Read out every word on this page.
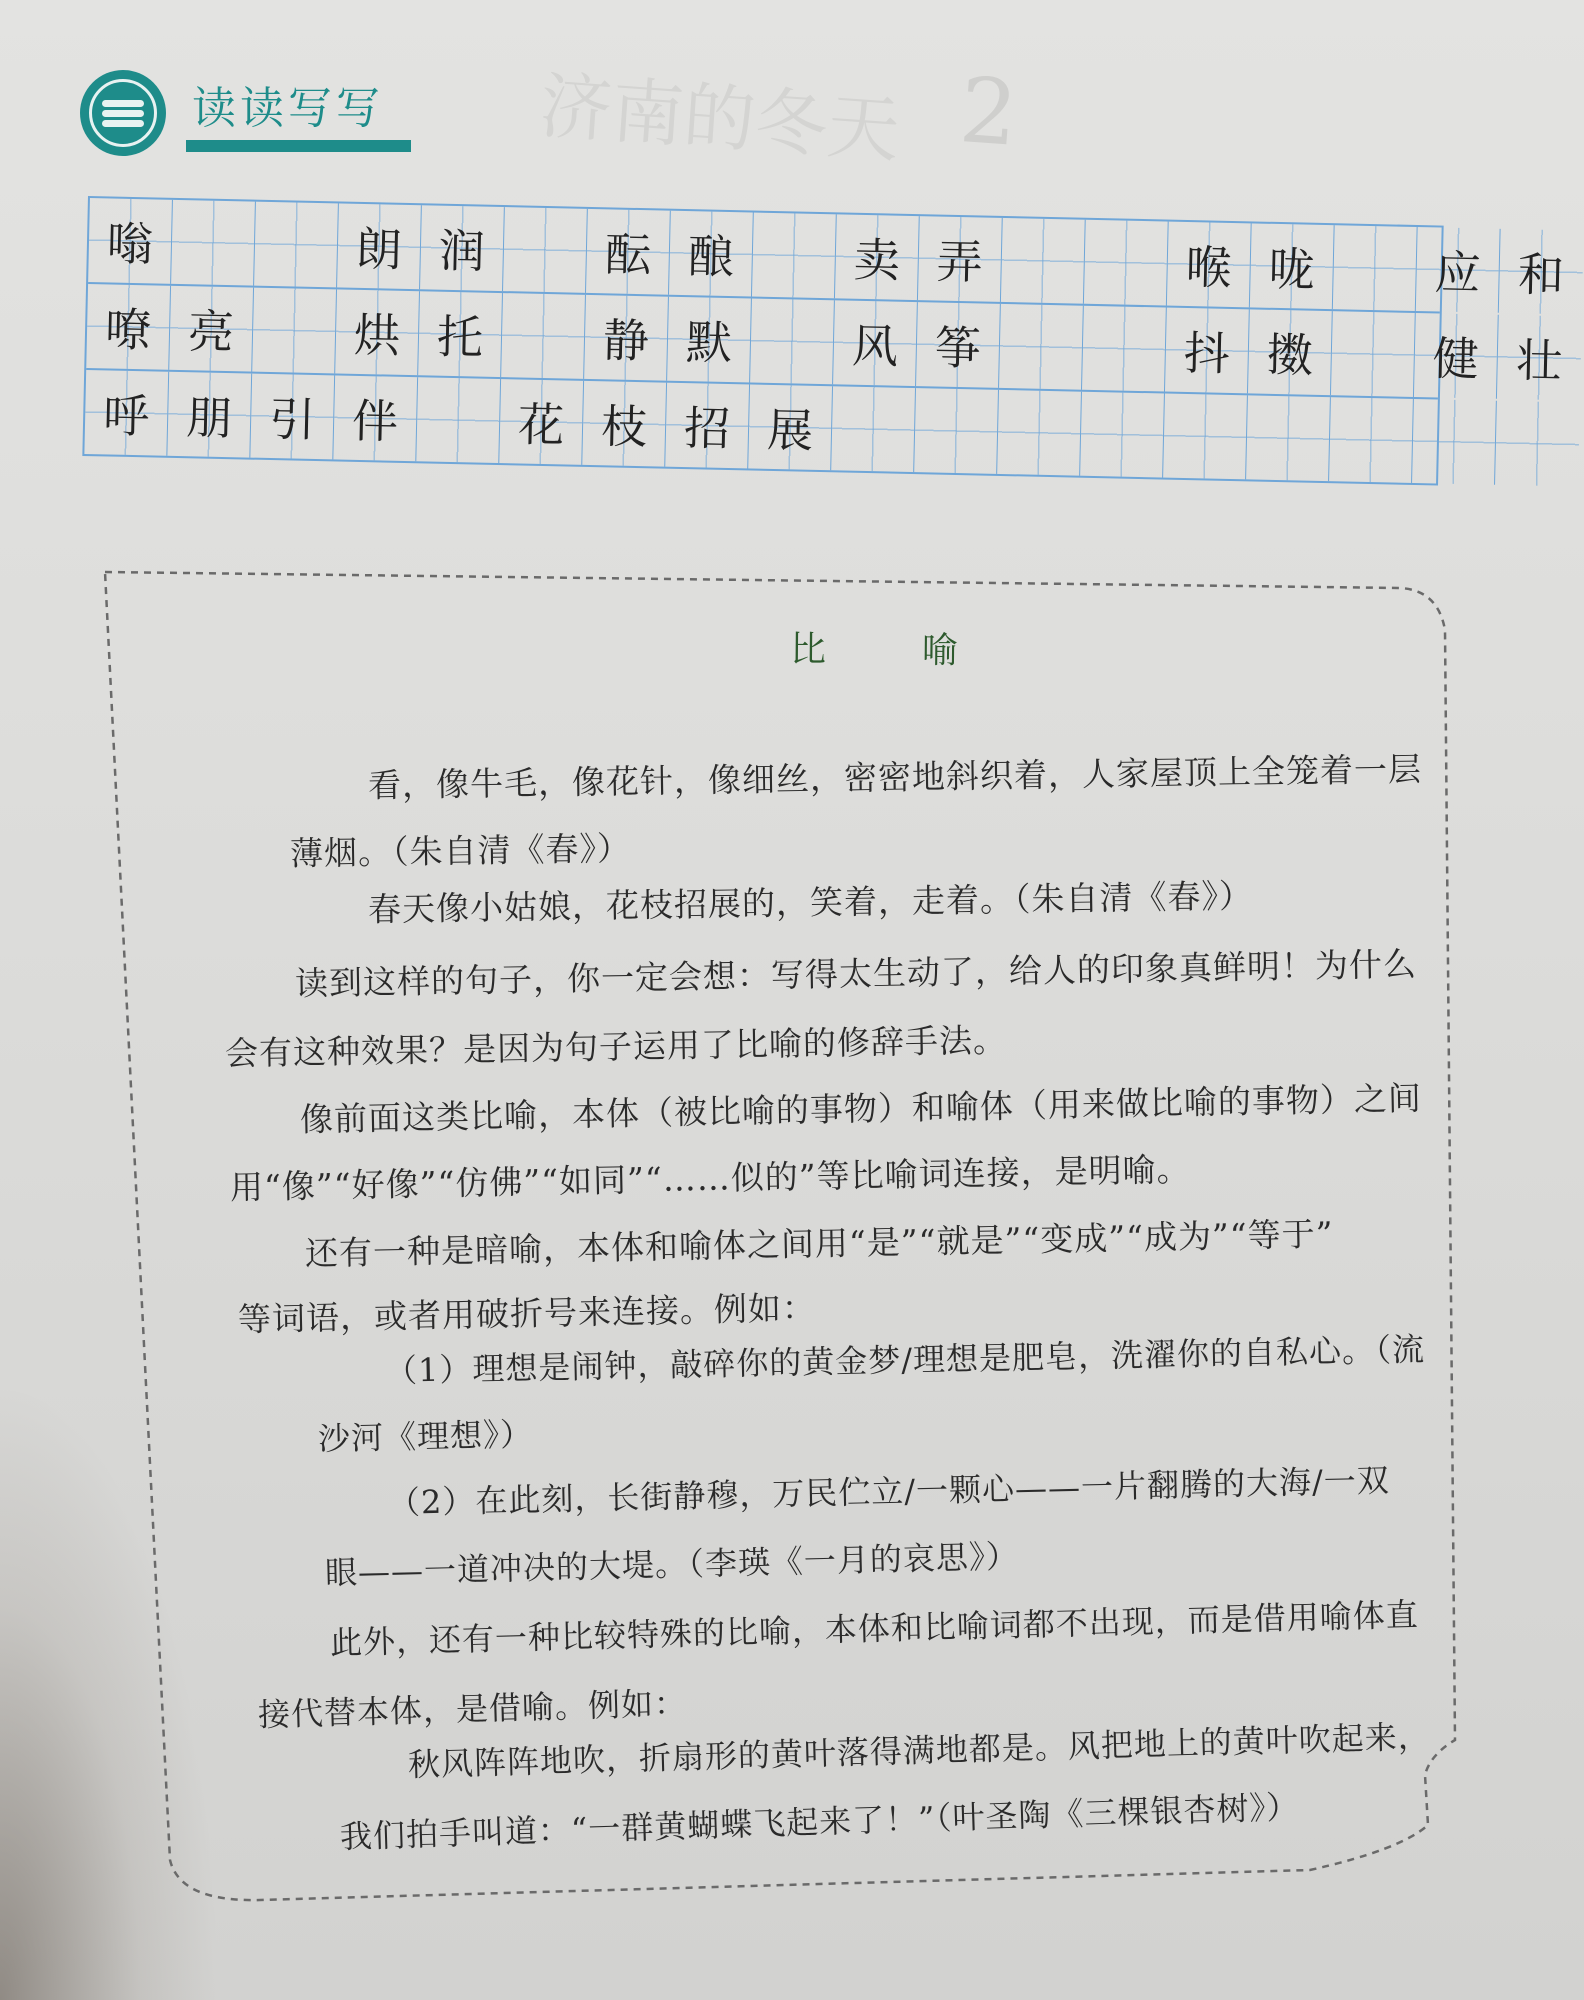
2
济南的冬天
读读写写
嗡	朗 润	酝 酿	卖 弄	喉 咙	应 和
嘹 亮	烘 托	静 默	风 筝	抖 擞	健 壮
呼 朋 引 伴	花 枝 招 展
比　喻
看，像牛毛，像花针，像细丝，密密地斜织着，人家屋顶上全笼着一层
薄烟。（朱自清《春》）
春天像小姑娘，花枝招展的，笑着，走着。（朱自清《春》）
读到这样的句子，你一定会想：写得太生动了，给人的印象真鲜明！为什么
会有这种效果？是因为句子运用了比喻的修辞手法。
像前面这类比喻，本体（被比喻的事物）和喻体（用来做比喻的事物）之间
用“像”“好像”“仿佛”“如同”“……似的”等比喻词连接，是明喻。
还有一种是暗喻，本体和喻体之间用“是”“就是”“变成”“成为”“等于”
等词语，或者用破折号来连接。例如：
（1）理想是闹钟，敲碎你的黄金梦/理想是肥皂，洗濯你的自私心。（流
沙河《理想》）
（2）在此刻，长街静穆，万民伫立/一颗心——一片翻腾的大海/一双
眼——一道冲决的大堤。（李瑛《一月的哀思》）
此外，还有一种比较特殊的比喻，本体和比喻词都不出现，而是借用喻体直
接代替本体，是借喻。例如：
秋风阵阵地吹，折扇形的黄叶落得满地都是。风把地上的黄叶吹起来，
我们拍手叫道：“一群黄蝴蝶飞起来了！”（叶圣陶《三棵银杏树》）
